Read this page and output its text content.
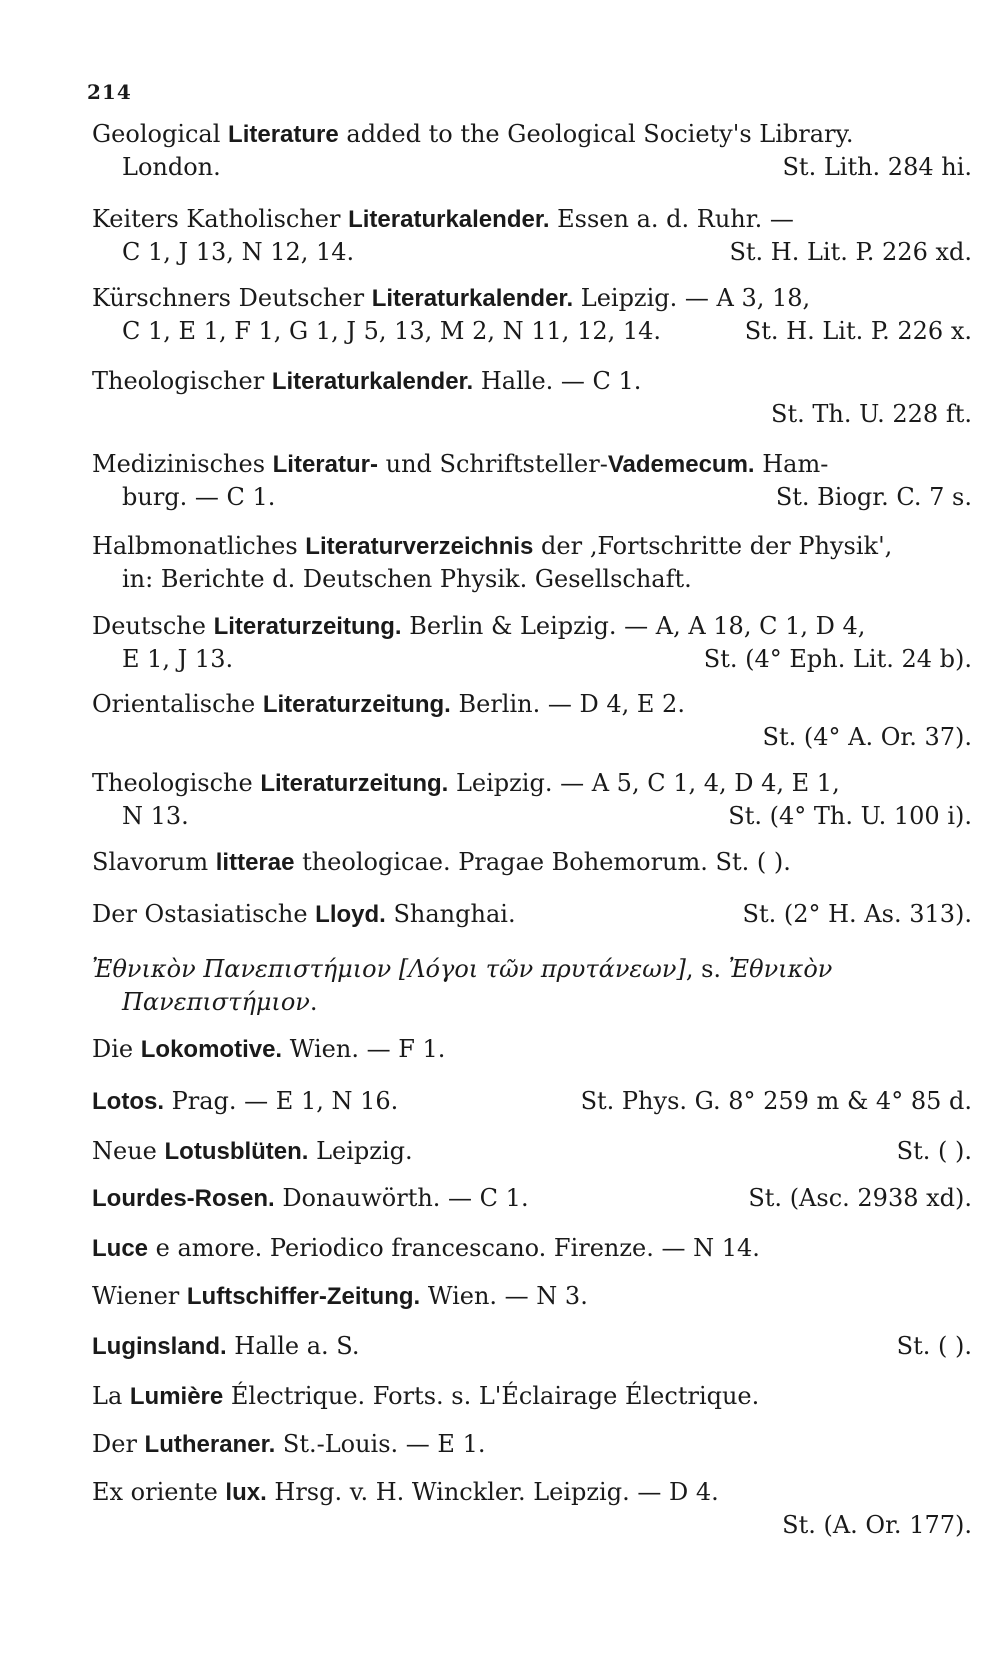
214
Geological Literature added to the Geological Society's Library.
London.	St. Lith. 284 hi.
Keiters Katholischer Literaturkalender. Essen a. d. Ruhr. —
C 1, J 13, N 12, 14.	St. H. Lit. P. 226 xd.
Kürschners Deutscher Literaturkalender. Leipzig. — A 3, 18,
C 1, E 1, F 1, G 1, J 5, 13, M 2, N 11, 12, 14.	St. H. Lit. P. 226 x.
Theologischer Literaturkalender. Halle. — C 1.
St. Th. U. 228 ft.
Medizinisches Literatur- und Schriftsteller-Vademecum. Ham-
burg. — C 1.	St. Biogr. C. 7 s.
Halbmonatliches Literaturverzeichnis der ‚Fortschritte der Physik',
in: Berichte d. Deutschen Physik. Gesellschaft.
Deutsche Literaturzeitung. Berlin & Leipzig. — A, A 18, C 1, D 4,
E 1, J 13.	St. (4° Eph. Lit. 24 b).
Orientalische Literaturzeitung. Berlin. — D 4, E 2.
St. (4° A. Or. 37).
Theologische Literaturzeitung. Leipzig. — A 5, C 1, 4, D 4, E 1,
N 13.	St. (4° Th. U. 100 i).
Slavorum litterae theologicae. Pragae Bohemorum. St. ( ).
Der Ostasiatische Lloyd. Shanghai.	St. (2° H. As. 313).
Ἐθνικὸν Πανεπιστήμιον [Λόγοι τῶν πρυτάνεων], s. Ἐθνικὸν
Πανεπιστήμιον.
Die Lokomotive. Wien. — F 1.
Lotos. Prag. — E 1, N 16.	St. Phys. G. 8° 259 m & 4° 85 d.
Neue Lotusblüten. Leipzig.	St. ( ).
Lourdes-Rosen. Donauwörth. — C 1.	St. (Asc. 2938 xd).
Luce e amore. Periodico francescano. Firenze. — N 14.
Wiener Luftschiffer-Zeitung. Wien. — N 3.
Luginsland. Halle a. S.	St. ( ).
La Lumière Électrique. Forts. s. L'Éclairage Électrique.
Der Lutheraner. St.-Louis. — E 1.
Ex oriente lux. Hrsg. v. H. Winckler. Leipzig. — D 4.
St. (A. Or. 177).
